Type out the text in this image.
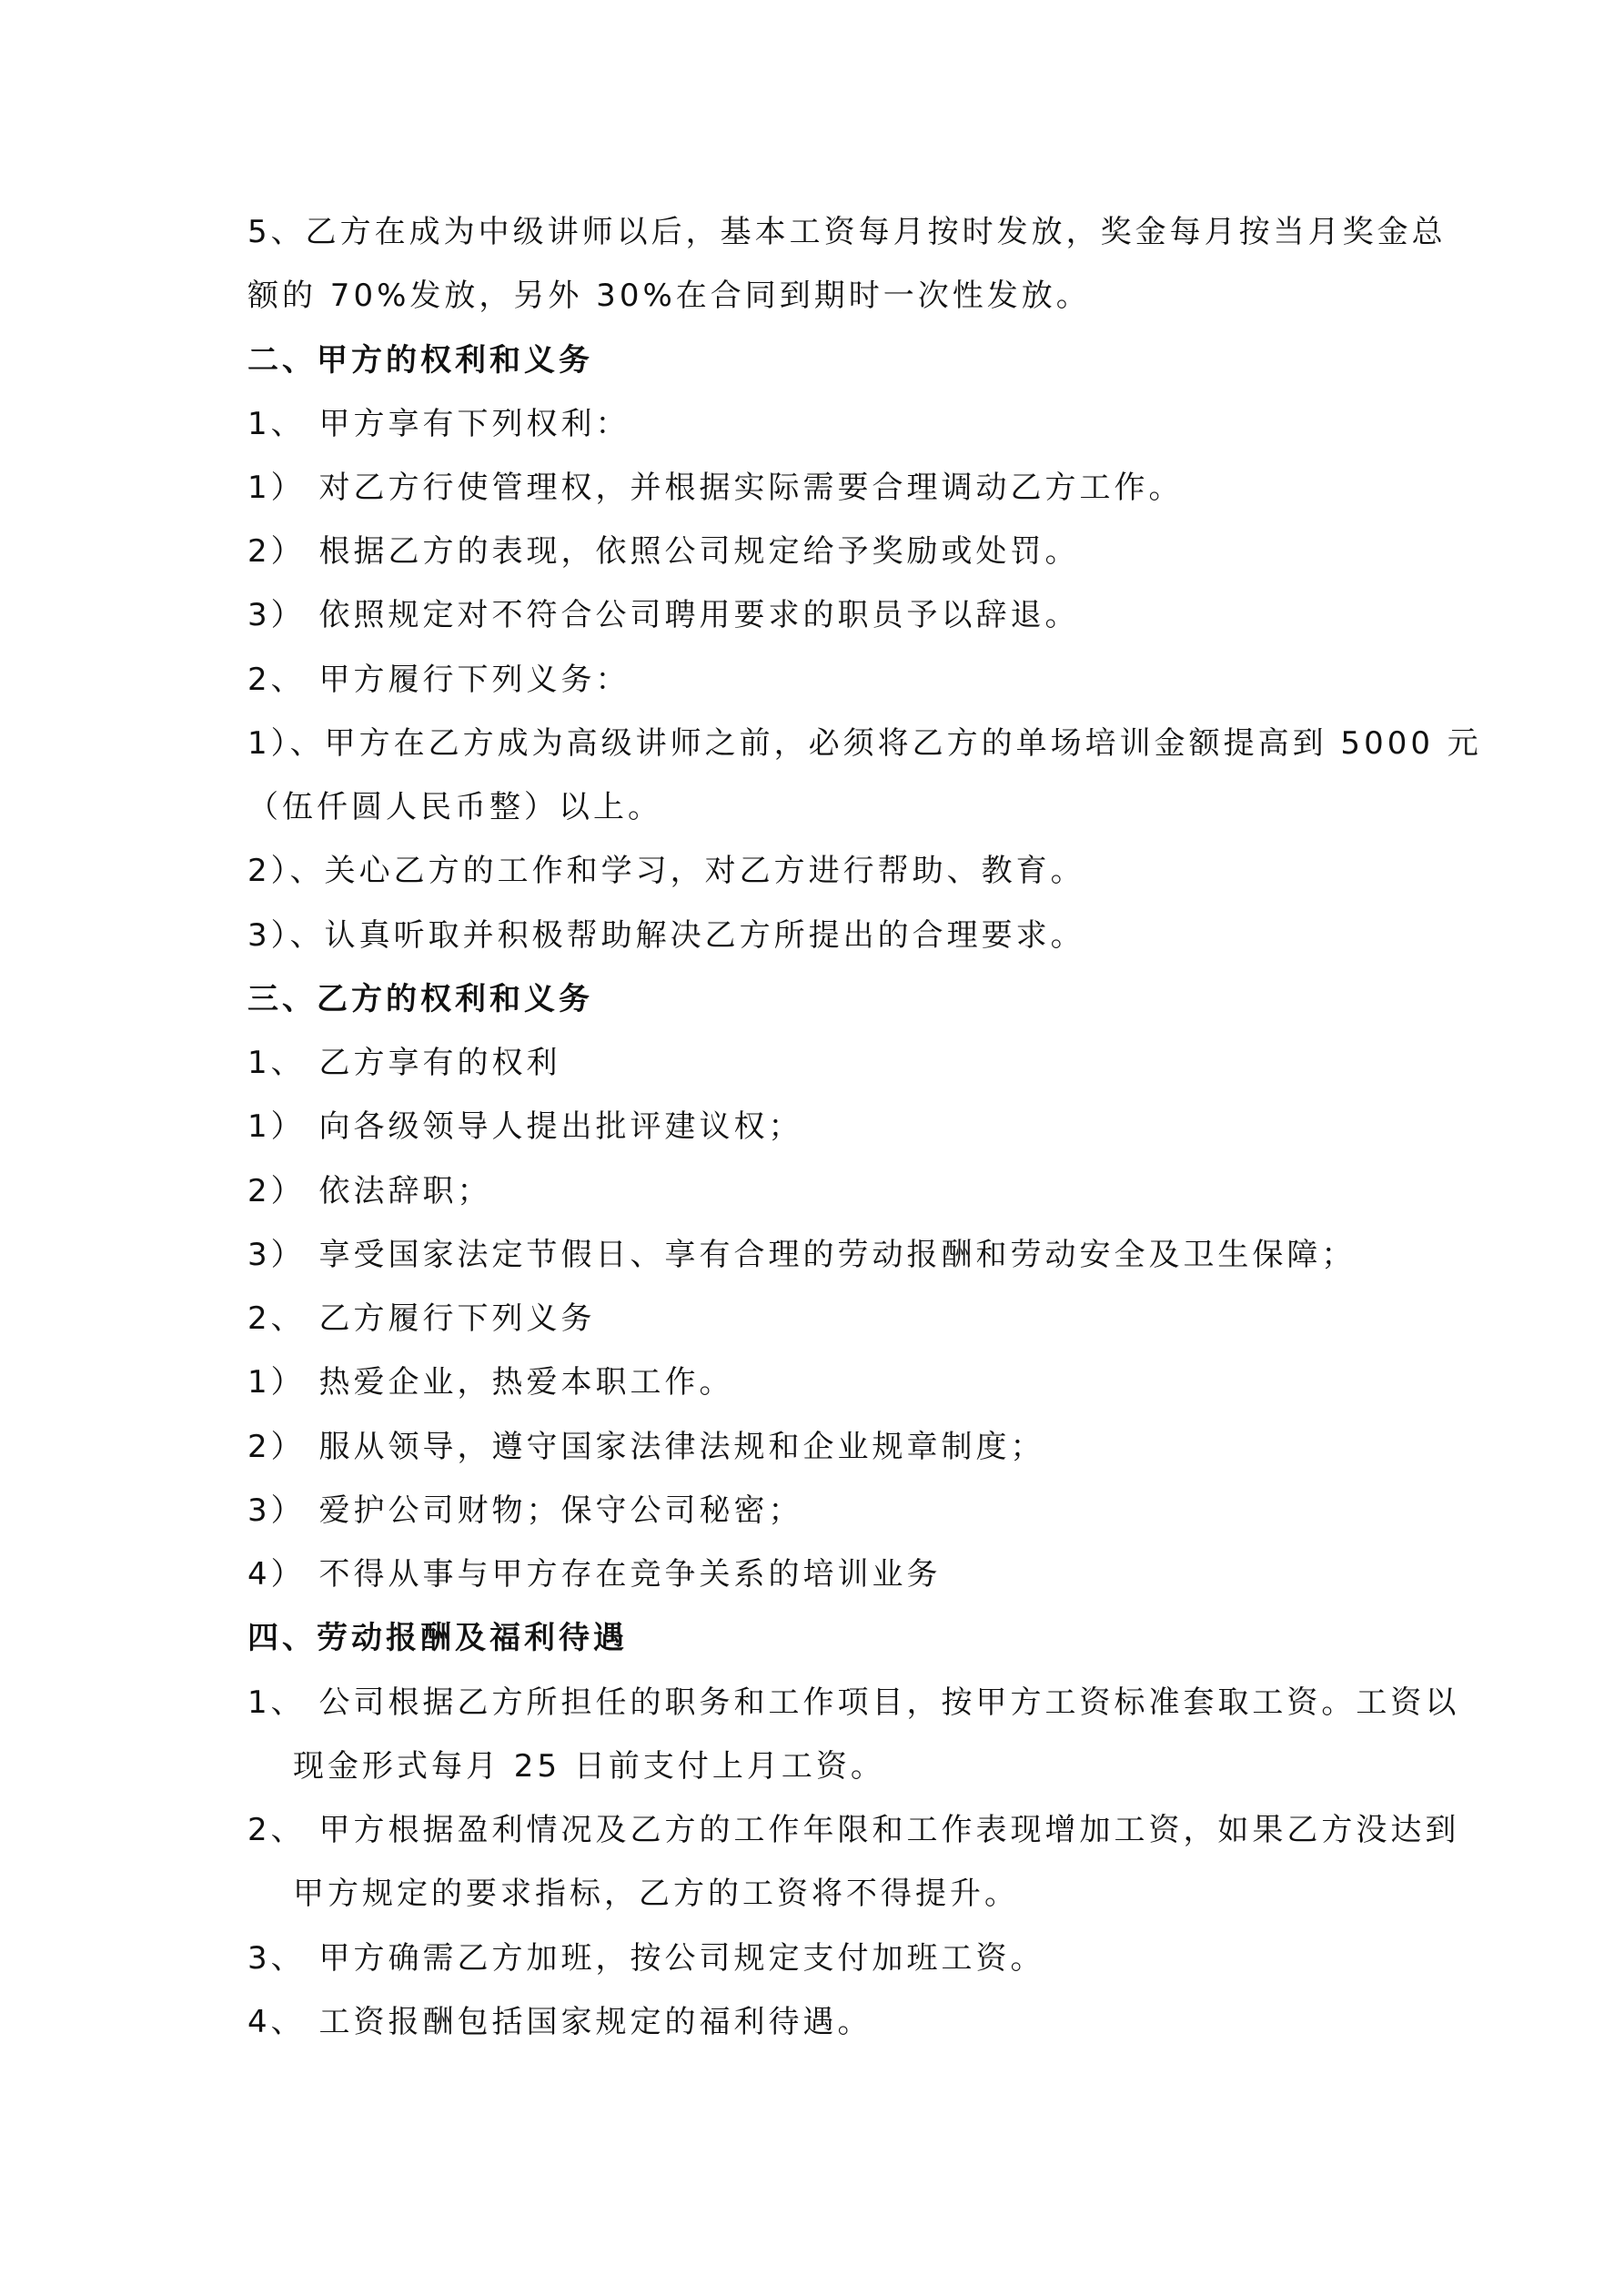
5、乙方在成为中级讲师以后，基本工资每月按时发放，奖金每月按当月奖金总
额的 70%发放，另外 30%在合同到期时一次性发放。
二、甲方的权利和义务
1、 甲方享有下列权利：
1） 对乙方行使管理权，并根据实际需要合理调动乙方工作。
2） 根据乙方的表现，依照公司规定给予奖励或处罚。
3） 依照规定对不符合公司聘用要求的职员予以辞退。
2、 甲方履行下列义务：
1）、甲方在乙方成为高级讲师之前，必须将乙方的单场培训金额提高到 5000 元
（伍仟圆人民币整）以上。
2）、关心乙方的工作和学习，对乙方进行帮助、教育。
3）、认真听取并积极帮助解决乙方所提出的合理要求。
三、乙方的权利和义务
1、 乙方享有的权利
1） 向各级领导人提出批评建议权；
2） 依法辞职；
3） 享受国家法定节假日、享有合理的劳动报酬和劳动安全及卫生保障；
2、 乙方履行下列义务
1） 热爱企业，热爱本职工作。
2） 服从领导，遵守国家法律法规和企业规章制度；
3） 爱护公司财物；保守公司秘密；
4） 不得从事与甲方存在竞争关系的培训业务
四、劳动报酬及福利待遇
1、 公司根据乙方所担任的职务和工作项目，按甲方工资标准套取工资。工资以
现金形式每月 25 日前支付上月工资。
2、 甲方根据盈利情况及乙方的工作年限和工作表现增加工资，如果乙方没达到
甲方规定的要求指标，乙方的工资将不得提升。
3、 甲方确需乙方加班，按公司规定支付加班工资。
4、 工资报酬包括国家规定的福利待遇。
